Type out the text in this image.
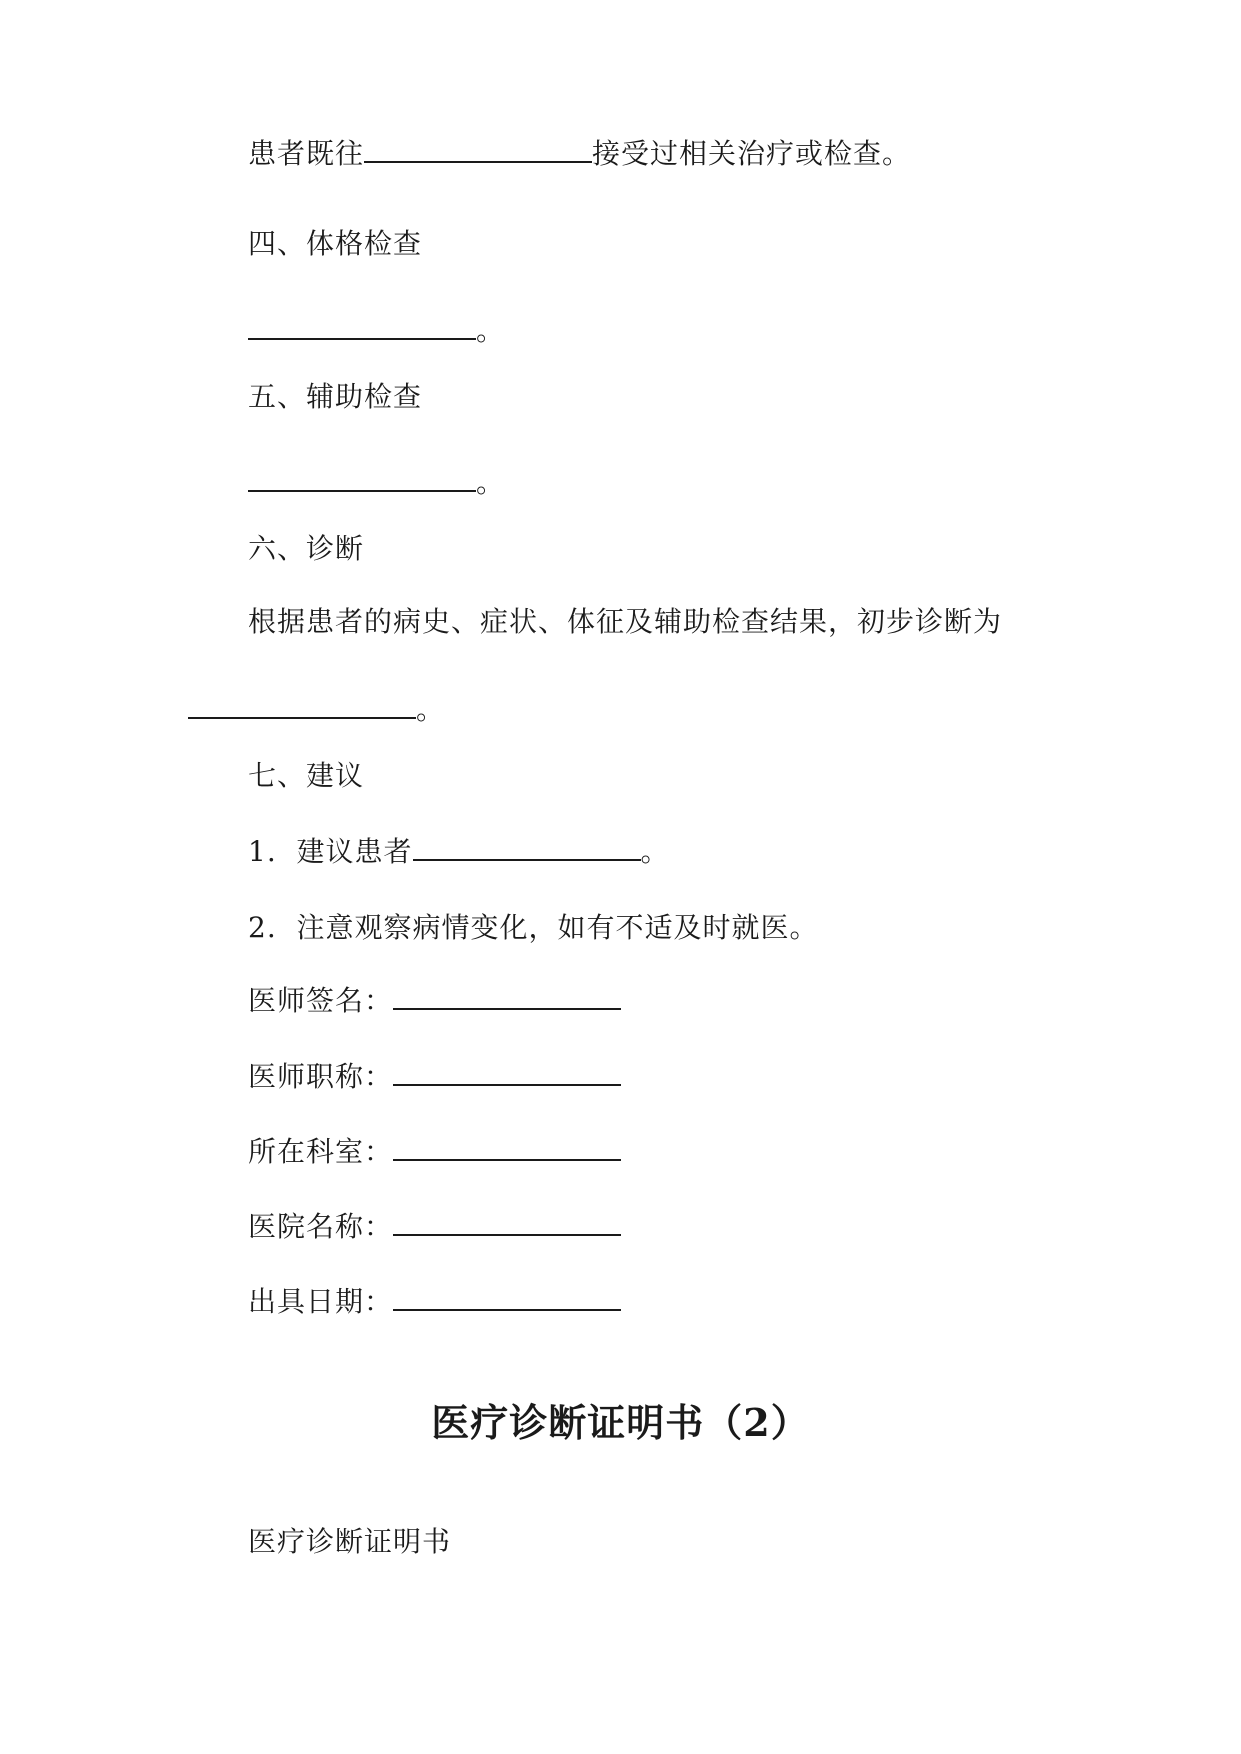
患者既往	接受过相关治疗或检查。
四、体格检查
。
五、辅助检查
。
六、诊断
根据患者的病史、症状、体征及辅助检查结果，初步诊断为
。
七、建议
1. 建议患者	。
2. 注意观察病情变化，如有不适及时就医。
医师签名：
医师职称：
所在科室：
医院名称：
出具日期：
医疗诊断证明书（2）
医疗诊断证明书
